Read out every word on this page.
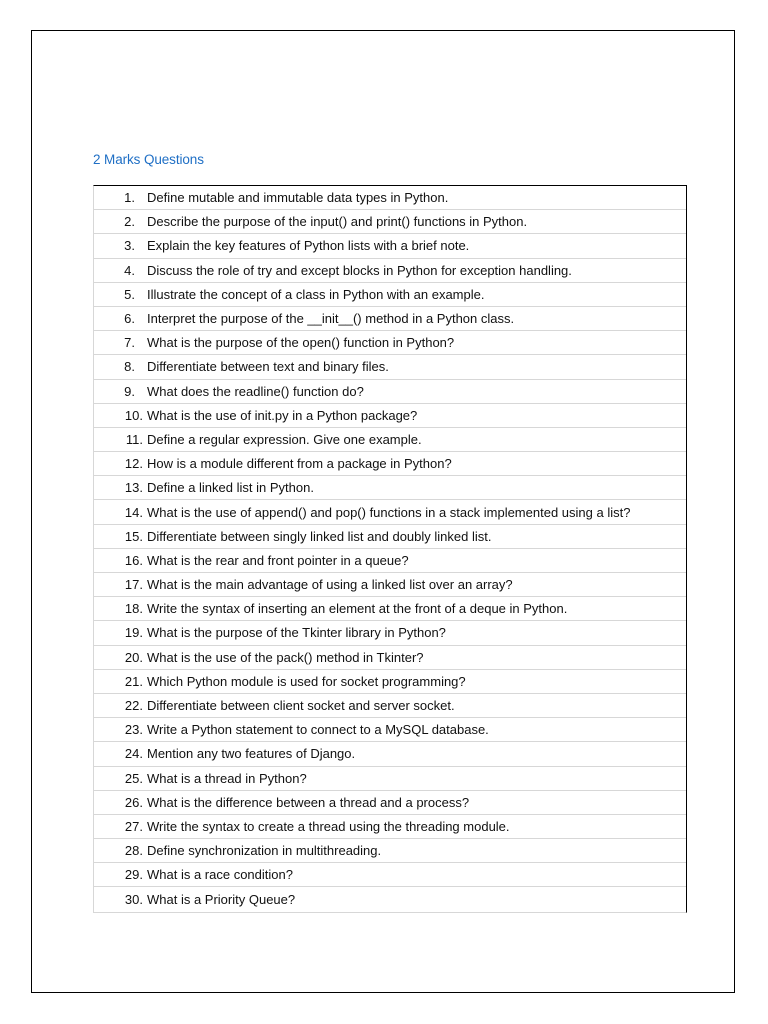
2 Marks Questions
1. Define mutable and immutable data types in Python.
2. Describe the purpose of the input() and print() functions in Python.
3. Explain the key features of Python lists with a brief note.
4. Discuss the role of try and except blocks in Python for exception handling.
5. Illustrate the concept of a class in Python with an example.
6. Interpret the purpose of the __init__() method in a Python class.
7. What is the purpose of the open() function in Python?
8. Differentiate between text and binary files.
9. What does the readline() function do?
10. What is the use of init.py in a Python package?
11. Define a regular expression. Give one example.
12. How is a module different from a package in Python?
13. Define a linked list in Python.
14. What is the use of append() and pop() functions in a stack implemented using a list?
15. Differentiate between singly linked list and doubly linked list.
16. What is the rear and front pointer in a queue?
17. What is the main advantage of using a linked list over an array?
18. Write the syntax of inserting an element at the front of a deque in Python.
19. What is the purpose of the Tkinter library in Python?
20. What is the use of the pack() method in Tkinter?
21. Which Python module is used for socket programming?
22. Differentiate between client socket and server socket.
23. Write a Python statement to connect to a MySQL database.
24. Mention any two features of Django.
25. What is a thread in Python?
26. What is the difference between a thread and a process?
27. Write the syntax to create a thread using the threading module.
28. Define synchronization in multithreading.
29. What is a race condition?
30. What is a Priority Queue?
